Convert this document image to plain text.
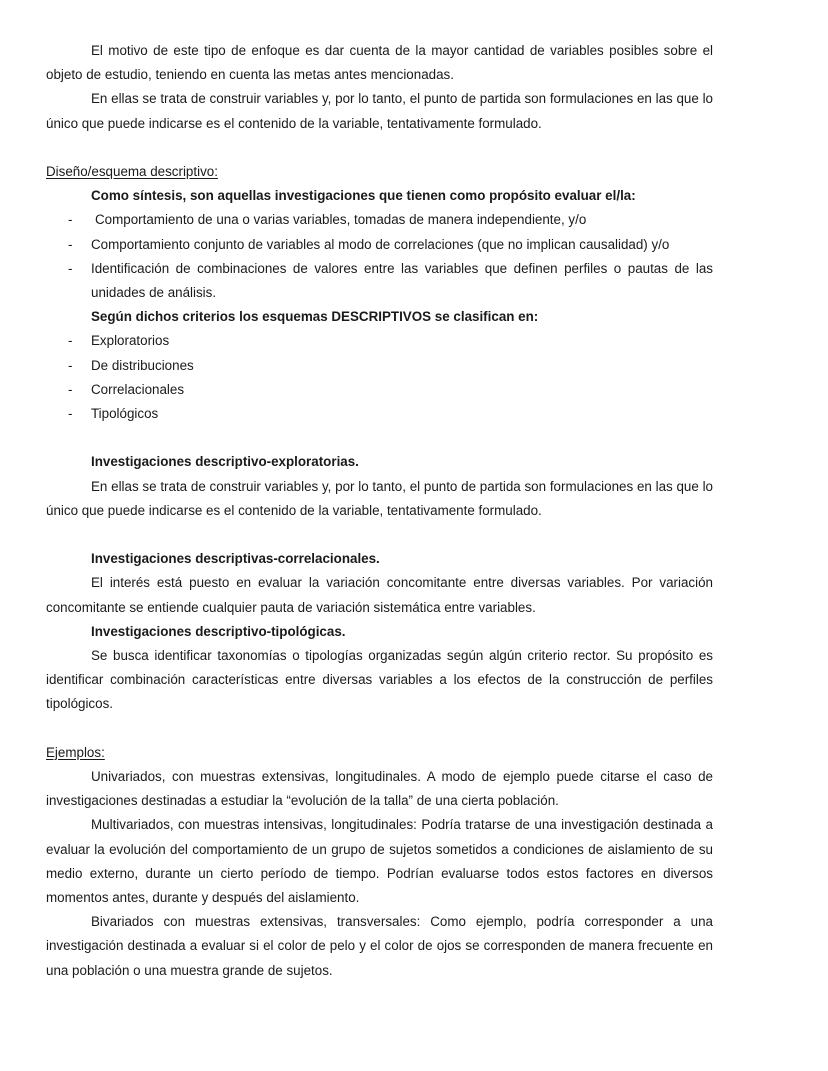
El motivo de este tipo de enfoque es dar cuenta de la mayor cantidad de variables posibles sobre el objeto de estudio, teniendo en cuenta las metas antes mencionadas.

En ellas se trata de construir variables y, por lo tanto, el punto de partida son formulaciones en las que lo único que puede indicarse es el contenido de la variable, tentativamente formulado.

Diseño/esquema descriptivo:

Como síntesis, son aquellas investigaciones que tienen como propósito evaluar el/la:

- Comportamiento de una o varias variables, tomadas de manera independiente, y/o
- Comportamiento conjunto de variables al modo de correlaciones (que no implican causalidad) y/o
- Identificación de combinaciones de valores entre las variables que definen perfiles o pautas de las unidades de análisis.

Según dichos criterios los esquemas DESCRIPTIVOS se clasifican en:

- Exploratorios
- De distribuciones
- Correlacionales
- Tipológicos

Investigaciones descriptivo-exploratorias.

En ellas se trata de construir variables y, por lo tanto, el punto de partida son formulaciones en las que lo único que puede indicarse es el contenido de la variable, tentativamente formulado.

Investigaciones descriptivas-correlacionales.

El interés está puesto en evaluar la variación concomitante entre diversas variables. Por variación concomitante se entiende cualquier pauta de variación sistemática entre variables.

Investigaciones descriptivo-tipológicas.

Se busca identificar taxonomías o tipologías organizadas según algún criterio rector. Su propósito es identificar combinación características entre diversas variables a los efectos de la construcción de perfiles tipológicos.

Ejemplos:

Univariados, con muestras extensivas, longitudinales. A modo de ejemplo puede citarse el caso de investigaciones destinadas a estudiar la “evolución de la talla” de una cierta población.

Multivariados, con muestras intensivas, longitudinales: Podría tratarse de una investigación destinada a evaluar la evolución del comportamiento de un grupo de sujetos sometidos a condiciones de aislamiento de su medio externo, durante un cierto período de tiempo. Podrían evaluarse todos estos factores en diversos momentos antes, durante y después del aislamiento.

Bivariados con muestras extensivas, transversales: Como ejemplo, podría corresponder a una investigación destinada a evaluar si el color de pelo y el color de ojos se corresponden de manera frecuente en una población o una muestra grande de sujetos.
